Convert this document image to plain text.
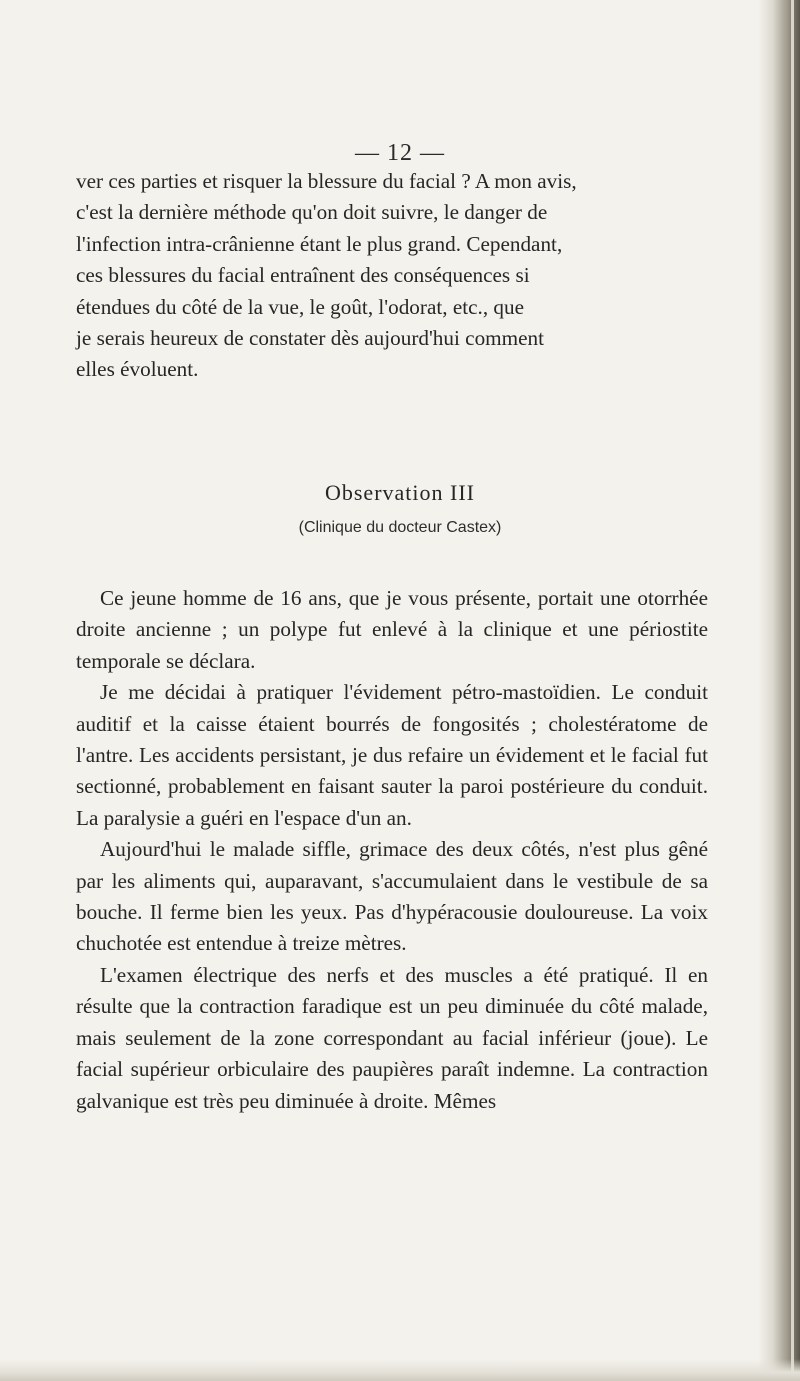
— 12 —

ver ces parties et risquer la blessure du facial ? A mon avis,
c'est la dernière méthode qu'on doit suivre, le danger de
l'infection intra-crânienne étant le plus grand. Cependant,
ces blessures du facial entraînent des conséquences si
étendues du côté de la vue, le goût, l'odorat, etc., que
je serais heureux de constater dès aujourd'hui comment
elles évoluent.

Observation III
(Clinique du docteur Castex)

Ce jeune homme de 16 ans, que je vous présente, portait une otorrhée droite ancienne ; un polype fut enlevé à la clinique et une périostite temporale se déclara.

Je me décidai à pratiquer l'évidement pétro-mastoïdien. Le conduit auditif et la caisse étaient bourrés de fongosités ; cholestératome de l'antre. Les accidents persistant, je dus refaire un évidement et le facial fut sectionné, probablement en faisant sauter la paroi postérieure du conduit. La paralysie a guéri en l'espace d'un an.

Aujourd'hui le malade siffle, grimace des deux côtés, n'est plus gêné par les aliments qui, auparavant, s'accumulaient dans le vestibule de sa bouche. Il ferme bien les yeux. Pas d'hypéracousie douloureuse. La voix chuchotée est entendue à treize mètres.

L'examen électrique des nerfs et des muscles a été pratiqué. Il en résulte que la contraction faradique est un peu diminuée du côté malade, mais seulement de la zone correspondant au facial inférieur (joue). Le facial supérieur orbiculaire des paupières paraît indemne. La contraction galvanique est très peu diminuée à droite. Mêmes
